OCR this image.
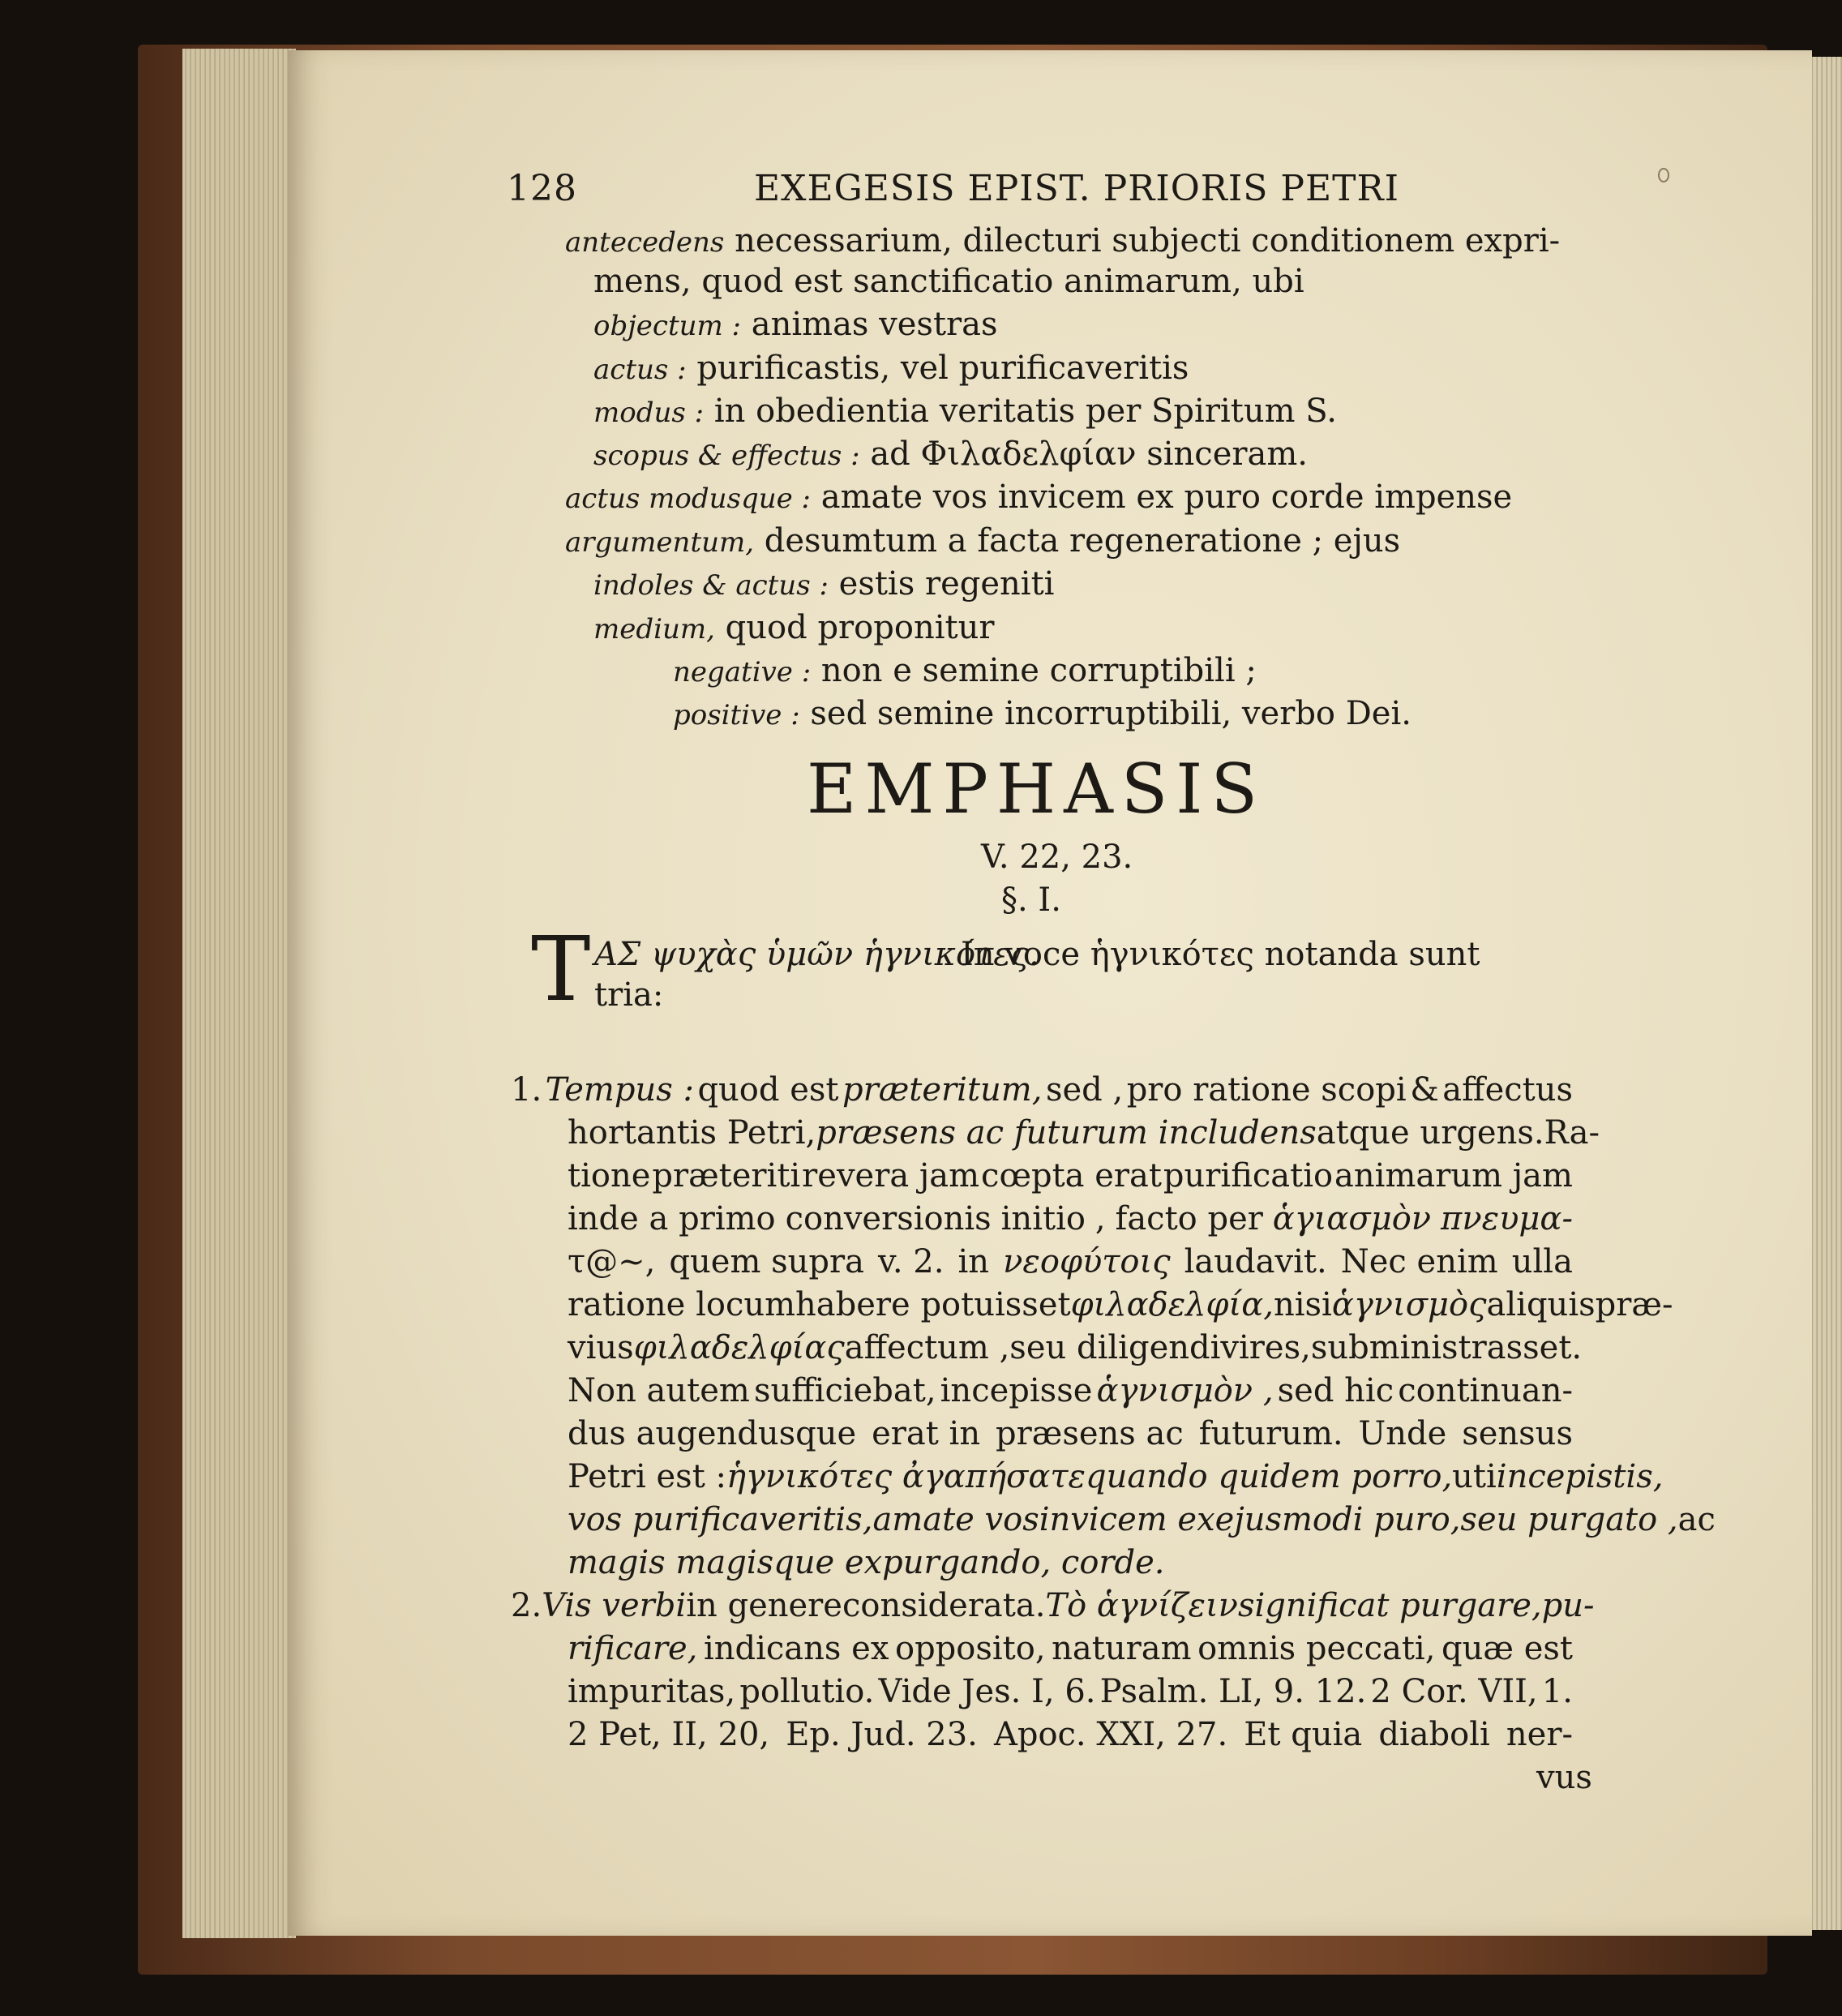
128	EXEGESIS EPIST. PRIORIS PETRI
antecedens necessarium, dilecturi subjecti conditionem expri-
mens, quod est sanctificatio animarum, ubi
objectum : animas vestras
actus : purificastis, vel purificaveritis
modus : in obedientia veritatis per Spiritum S.
scopus & effectus : ad Φιλαδελφίαν sinceram.
actus modusque : amate vos invicem ex puro corde impense
argumentum, desumtum a facta regeneratione ; ejus
indoles & actus : estis regeniti
medium, quod proponitur
negative : non e semine corruptibili ;
positive : sed semine incorruptibili, verbo Dei.
EMPHASIS
V. 22, 23.
§. I.
T ΑΣ ψυχὰς ὑμῶν ἡγνικότες.
In voce ἡγνικότες notanda sunt
tria:
1. Tempus : quod est præteritum, sed , pro ratione scopi & affectus
hortantis Petri, præsens ac futurum includens atque urgens. Ra-
tione præteriti revera jam cœpta erat purificatio animarum jam
inde a primo conversionis initio , facto per ἁγιασμὸν πνευμα-
τ@~, quem supra v. 2. in νεοφύτοις laudavit. Nec enim ulla
ratione locum habere potuisset φιλαδελφία, nisi ἁγνισμὸς aliquis præ-
vius φιλαδελφίας affectum , seu diligendi vires, subministrasset.
Non autem sufficiebat, incepisse ἁγνισμὸν , sed hic continuan-
dus augendusque erat in præsens ac futurum. Unde sensus
Petri est : ἡγνικότες ἀγαπήσατε quando quidem porro, uti incepistis,
vos purificaveritis, amate vos invicem ex ejusmodi puro, seu purgato , ac
magis magisque expurgando, corde.
2. Vis verbi in genere considerata. Τὸ ἁγνίζειν significat purgare, pu-
rificare, indicans ex opposito, naturam omnis peccati, quæ est
impuritas, pollutio. Vide Jes. I, 6. Psalm. LI, 9. 12. 2 Cor. VII, 1.
2 Pet, II, 20, Ep. Jud. 23. Apoc. XXI, 27. Et quia diaboli ner-
vus
